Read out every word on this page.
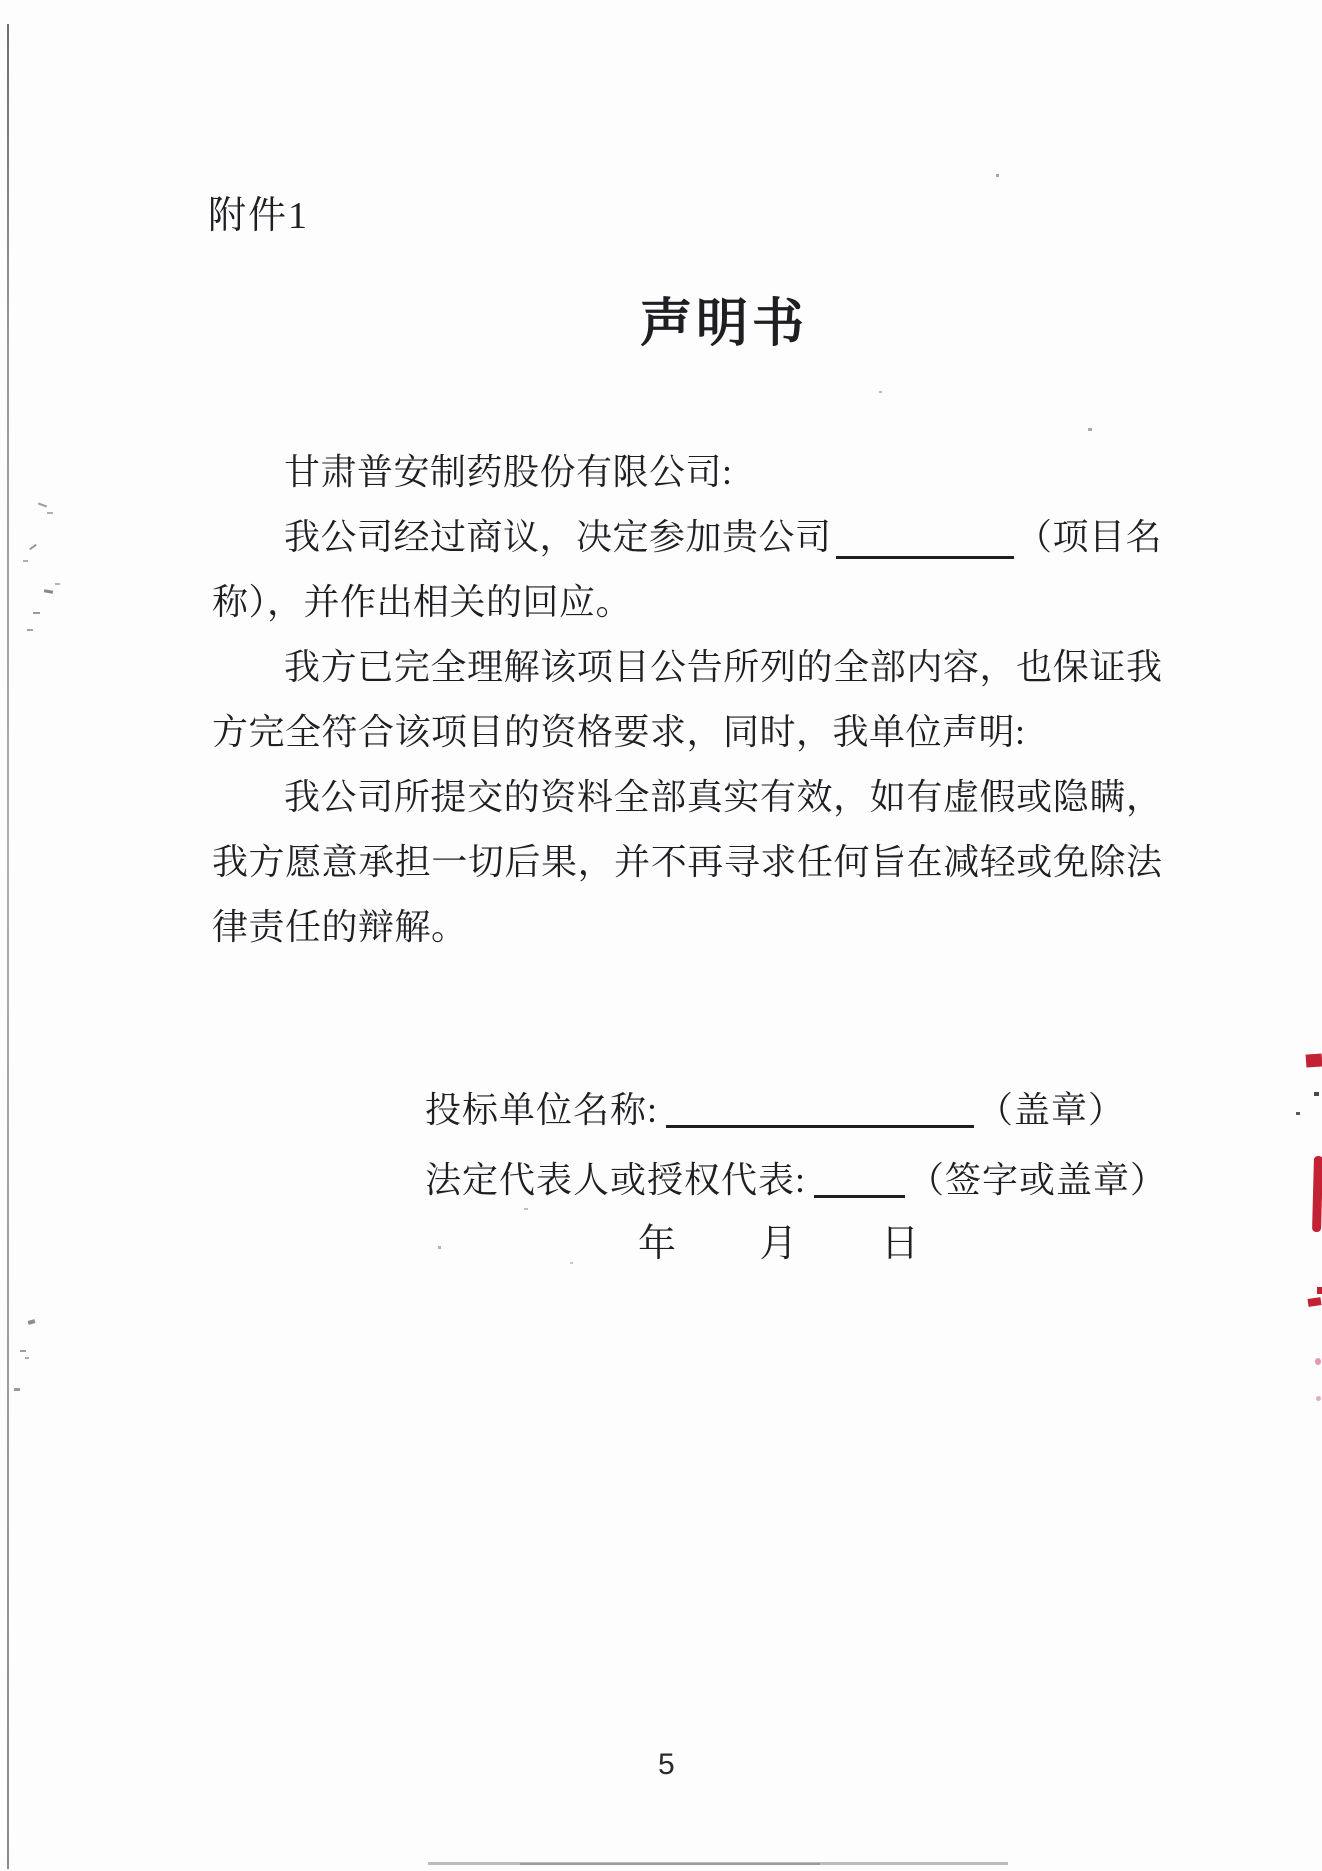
附件1
声明书
甘肃普安制药股份有限公司:
我公司经过商议，决定参加贵公司	（项目名
称），并作出相关的回应。
我方已完全理解该项目公告所列的全部内容，也保证我
方完全符合该项目的资格要求，同时，我单位声明:
我公司所提交的资料全部真实有效，如有虚假或隐瞒，
我方愿意承担一切后果，并不再寻求任何旨在减轻或免除法
律责任的辩解。
投标单位名称:	（盖章）
法定代表人或授权代表:	（签字或盖章）
年 月 日
5
